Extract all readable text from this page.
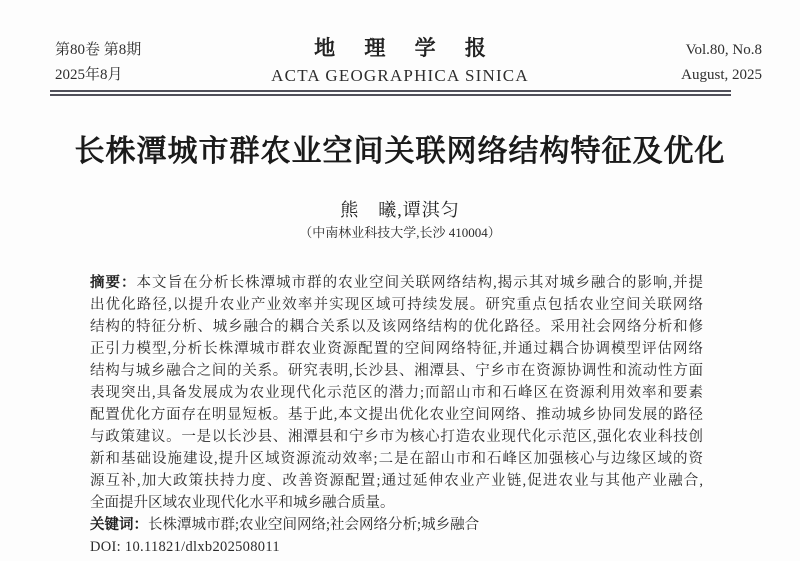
第80卷 第8期
2025年8月
地 理 学 报
ACTA GEOGRAPHICA SINICA
Vol.80, No.8
August, 2025
长株潭城市群农业空间关联网络结构特征及优化
熊　曦,谭淇匀
（中南林业科技大学,长沙 410004）
摘要：本文旨在分析长株潭城市群的农业空间关联网络结构,揭示其对城乡融合的影响,并提
出优化路径,以提升农业产业效率并实现区域可持续发展。研究重点包括农业空间关联网络
结构的特征分析、城乡融合的耦合关系以及该网络结构的优化路径。采用社会网络分析和修
正引力模型,分析长株潭城市群农业资源配置的空间网络特征,并通过耦合协调模型评估网络
结构与城乡融合之间的关系。研究表明,长沙县、湘潭县、宁乡市在资源协调性和流动性方面
表现突出,具备发展成为农业现代化示范区的潜力;而韶山市和石峰区在资源利用效率和要素
配置优化方面存在明显短板。基于此,本文提出优化农业空间网络、推动城乡协同发展的路径
与政策建议。一是以长沙县、湘潭县和宁乡市为核心打造农业现代化示范区,强化农业科技创
新和基础设施建设,提升区域资源流动效率;二是在韶山市和石峰区加强核心与边缘区域的资
源互补,加大政策扶持力度、改善资源配置;通过延伸农业产业链,促进农业与其他产业融合,
全面提升区域农业现代化水平和城乡融合质量。
关键词：长株潭城市群;农业空间网络;社会网络分析;城乡融合
DOI: 10.11821/dlxb202508011
